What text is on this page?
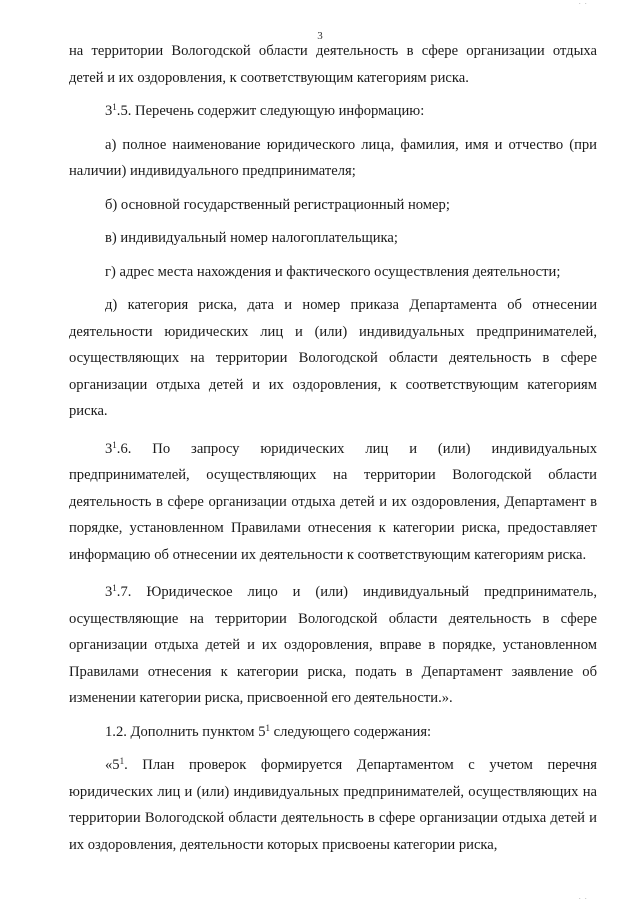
· ·
3

на территории Вологодской области деятельность в сфере организации отдыха детей и их оздоровления, к соответствующим категориям риска.

$3^1.5$. Перечень содержит следующую информацию:

а) полное наименование юридического лица, фамилия, имя и отчество (при наличии) индивидуального предпринимателя;

б) основной государственный регистрационный номер;

в) индивидуальный номер налогоплательщика;

г) адрес места нахождения и фактического осуществления деятельности;

д) категория риска, дата и номер приказа Департамента об отнесении деятельности юридических лиц и (или) индивидуальных предпринимателей, осуществляющих на территории Вологодской области деятельность в сфере организации отдыха детей и их оздоровления, к соответствующим категориям риска.

$3^1.6$. По запросу юридических лиц и (или) индивидуальных предпринимателей, осуществляющих на территории Вологодской области деятельность в сфере организации отдыха детей и их оздоровления, Департамент в порядке, установленном Правилами отнесения к категории риска, предоставляет информацию об отнесении их деятельности к соответствующим категориям риска.

$3^1.7$. Юридическое лицо и (или) индивидуальный предприниматель, осуществляющие на территории Вологодской области деятельность в сфере организации отдыха детей и их оздоровления, вправе в порядке, установленном Правилами отнесения к категории риска, подать в Департамент заявление об изменении категории риска, присвоенной его деятельности.».

1.2. Дополнить пунктом $5^1$ следующего содержания:

«$5^1$. План проверок формируется Департаментом с учетом перечня юридических лиц и (или) индивидуальных предпринимателей, осуществляющих на территории Вологодской области деятельность в сфере организации отдыха детей и их оздоровления, деятельности которых присвоены категории риска,

· ·
